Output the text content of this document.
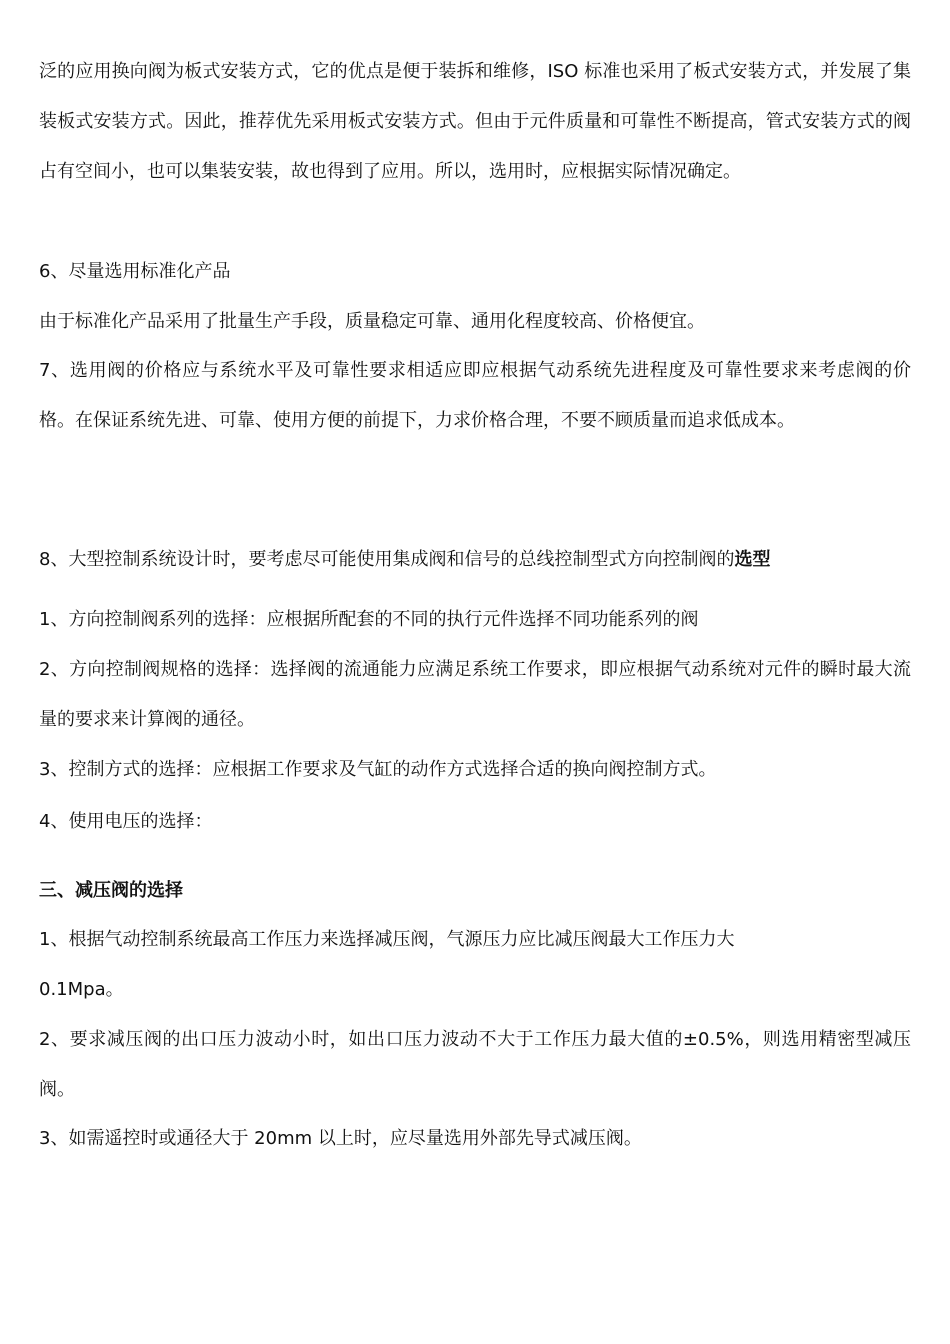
泛的应用换向阀为板式安装方式，它的优点是便于装拆和维修，ISO 标准也采用了板式安装方式，并发展了集装板式安装方式。因此，推荐优先采用板式安装方式。但由于元件质量和可靠性不断提高，管式安装方式的阀占有空间小，也可以集装安装，故也得到了应用。所以，选用时，应根据实际情况确定。

6、尽量选用标准化产品

由于标准化产品采用了批量生产手段，质量稳定可靠、通用化程度较高、价格便宜。

7、选用阀的价格应与系统水平及可靠性要求相适应即应根据气动系统先进程度及可靠性要求来考虑阀的价格。在保证系统先进、可靠、使用方便的前提下，力求价格合理，不要不顾质量而追求低成本。

8、大型控制系统设计时，要考虑尽可能使用集成阀和信号的总线控制型式方向控制阀的选型

1、方向控制阀系列的选择：应根据所配套的不同的执行元件选择不同功能系列的阀

2、方向控制阀规格的选择：选择阀的流通能力应满足系统工作要求，即应根据气动系统对元件的瞬时最大流量的要求来计算阀的通径。

3、控制方式的选择：应根据工作要求及气缸的动作方式选择合适的换向阀控制方式。

4、使用电压的选择：

三、减压阀的选择

1、根据气动控制系统最高工作压力来选择减压阀，气源压力应比减压阀最大工作压力大

0.1Mpa。

2、要求减压阀的出口压力波动小时，如出口压力波动不大于工作压力最大值的±0.5%，则选用精密型减压阀。

3、如需遥控时或通径大于 20mm 以上时，应尽量选用外部先导式减压阀。
